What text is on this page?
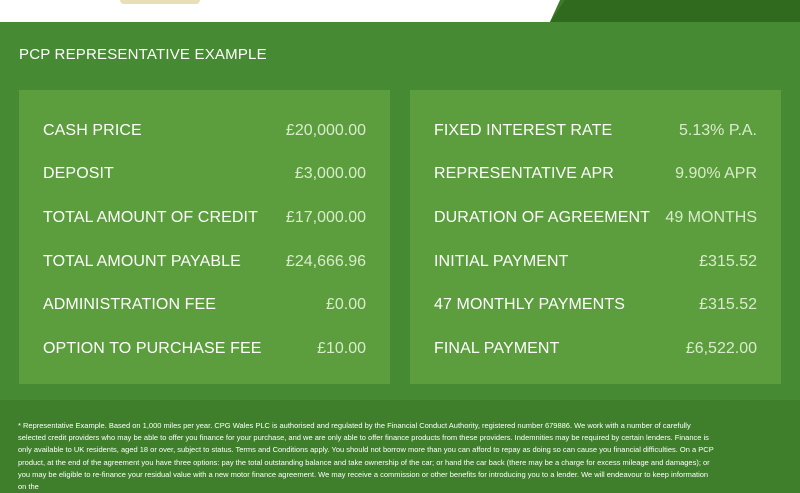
PCP REPRESENTATIVE EXAMPLE
CASH PRICE	£20,000.00
DEPOSIT	£3,000.00
TOTAL AMOUNT OF CREDIT £17,000.00
TOTAL AMOUNT PAYABLE	£24,666.96
ADMINISTRATION FEE	£0.00
OPTION TO PURCHASE FEE	£10.00
FIXED INTEREST RATE	5.13% P.A.
REPRESENTATIVE APR	9.90% APR
DURATION OF AGREEMENT 49 MONTHS
INITIAL PAYMENT	£315.52
47 MONTHLY PAYMENTS	£315.52
FINAL PAYMENT	£6,522.00
* Representative Example. Based on 1,000 miles per year. CPG Wales PLC is authorised and regulated by the Financial Conduct Authority, registered number 679886. We work with a number of carefully selected credit providers who may be able to offer you finance for your purchase, and we are only able to offer finance products from these providers. Indemnities may be required by certain lenders. Finance is only available to UK residents, aged 18 or over, subject to status. Terms and Conditions apply. You should not borrow more than you can afford to repay as doing so can cause you financial difficulties. On a PCP product, at the end of the agreement you have three options: pay the total outstanding balance and take ownership of the car; or hand the car back (there may be a charge for excess mileage and damages); or you may be eligible to re-finance your residual value with a new motor finance agreement. We may receive a commission or other benefits for introducing you to a lender. We will endeavour to keep information on the
